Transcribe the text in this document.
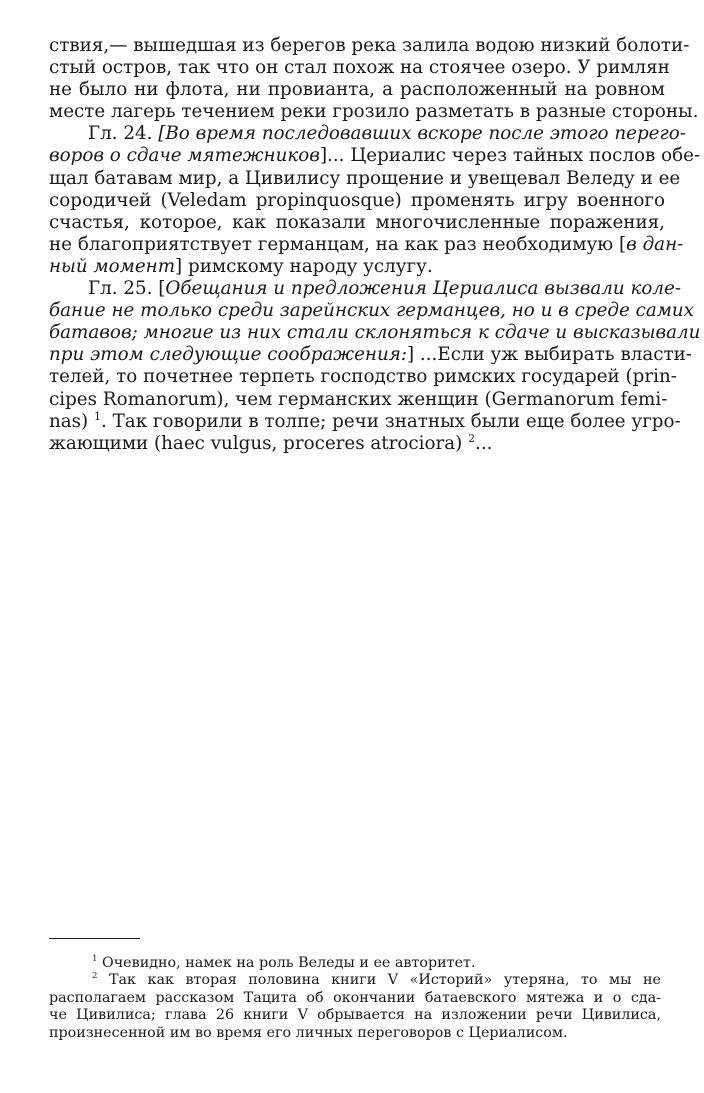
ствия,— вышедшая из берегов река залила водою низкий болоти-
стый остров, так что он стал похож на стоячее озеро. У римлян
не было ни флота, ни провианта, а расположенный на ровном
месте лагерь течением реки грозило разметать в разные стороны.
Гл. 24. [Во время последовавших вскоре после этого перего-
воров о сдаче мятежников]... Цериалис через тайных послов обе-
щал батавам мир, а Цивилису прощение и увещевал Веледу и ее
сородичей (Veledam propinquosque) променять игру военного
счастья, которое, как показали многочисленные поражения,
не благоприятствует германцам, на как раз необходимую [в дан-
ный момент] римскому народу услугу.
Гл. 25. [Обещания и предложения Цериалиса вызвали коле-
бание не только среди зарейнских германцев, но и в среде самих
батавов; многие из них стали склоняться к сдаче и высказывали
при этом следующие соображения:] ...Если уж выбирать власти-
телей, то почетнее терпеть господство римских государей (prin-
cipes Romanorum), чем германских женщин (Germanorum femi-
nas) $^1$. Так говорили в толпе; речи знатных были еще более угро-
жающими (haec vulgus, proceres atrociora) $^2$...
$^1$ Очевидно, намек на роль Веледы и ее авторитет.
$^2$ Так как вторая половина книги V «Историй» утеряна, то мы не
располагаем рассказом Тацита об окончании батаевского мятежа и о сда-
че Цивилиса; глава 26 книги V обрывается на изложении речи Цивилиса,
произнесенной им во время его личных переговоров с Цериалисом.
